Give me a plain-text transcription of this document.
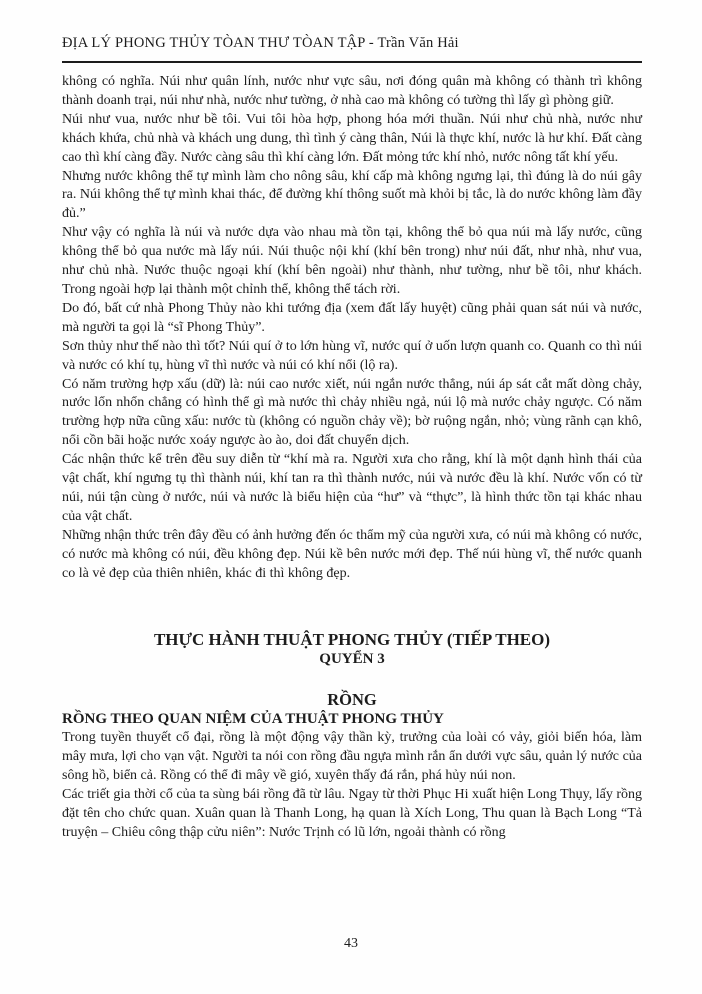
ĐỊA LÝ PHONG THỦY TÒAN THƯ TÒAN TẬP - Trần Văn Hải

không có nghĩa. Núi như quân lính, nước như vực sâu, nơi đóng quân mà không có thành trì không thành doanh trại, núi như nhà, nước như tường, ở nhà cao mà không có tường thì lấy gì phòng giữ.

Núi như vua, nước như bề tôi. Vui tôi hòa hợp, phong hóa mới thuần. Núi như chủ nhà, nước như khách khứa, chủ nhà và khách ung dung, thì tình ý càng thân, Núi là thực khí, nước là hư khí. Đất càng cao thì khí càng đầy. Nước càng sâu thì khí càng lớn. Đất mỏng tức khí nhỏ, nước nông tất khí yếu.

Nhưng nước không thể tự mình làm cho nông sâu, khí cấp mà không ngưng lại, thì đúng là do núi gây ra. Núi không thể tự mình khai thác, để đường khí thông suốt mà khỏi bị tắc, là do nước không làm đầy đủ.”

Như vậy có nghĩa là núi và nước dựa vào nhau mà tồn tại, không thể bỏ qua núi mà lấy nước, cũng không thể bỏ qua nước mà lấy núi. Núi thuộc nội khí (khí bên trong) như núi đất, như nhà, như vua, như chủ nhà. Nước thuộc ngoại khí (khí bên ngoài) như thành, như tường, như bề tôi, như khách. Trong ngoài hợp lại thành một chỉnh thể, không thể tách rời.

Do đó, bất cứ nhà Phong Thủy nào khi tướng địa (xem đất lấy huyệt) cũng phải quan sát núi và nước, mà người ta gọi là “sĩ Phong Thủy”.

Sơn thủy như thế nào thì tốt? Núi quí ở to lớn hùng vĩ, nước quí ở uốn lượn quanh co. Quanh co thì núi và nước có khí tụ, hùng vĩ thì nước và núi có khí nổi (lộ ra).

Có năm trường hợp xấu (dữ) là: núi cao nước xiết, núi ngắn nước thẳng, núi áp sát cắt mất dòng chảy, nước lổn nhổn chẳng có hình thể gì mà nước thì chảy nhiều ngả, núi lộ mà nước chảy ngược. Có năm trường hợp nữa cũng xấu: nước tù (không có nguồn chảy về); bờ ruộng ngắn, nhỏ; vùng rãnh cạn khô, nổi cồn bãi hoặc nước xoáy ngược ào ào, doi đất chuyển dịch.

Các nhận thức kể trên đều suy diễn từ “khí mà ra. Người xưa cho rằng, khí là một dạnh hình thái của vật chất, khí ngưng tụ thì thành núi, khí tan ra thì thành nước, núi và nước đều là khí. Nước vốn có từ núi, núi tận cùng ở nước, núi và nước là biểu hiện của “hư” và “thực”, là hình thức tồn tại khác nhau của vật chất.

Những nhận thức trên đây đều có ảnh hưởng đến óc thẩm mỹ của người xưa, có núi mà không có nước, có nước mà không có núi, đều không đẹp. Núi kề bên nước mới đẹp. Thế núi hùng vĩ, thế nước quanh co là vẻ đẹp của thiên nhiên, khác đi thì không đẹp.

THỰC HÀNH THUẬT PHONG THỦY (TIẾP THEO)
QUYỂN 3
RỒNG
RỒNG THEO QUAN NIỆM CỦA THUẬT PHONG THỦY

Trong tuyền thuyết cổ đại, rồng là một động vậy thần kỳ, trưởng của loài có vảy, giỏi biến hóa, làm mây mưa, lợi cho vạn vật. Người ta nói con rồng đầu ngựa mình rắn ẩn dưới vực sâu, quản lý nước của sông hồ, biển cả. Rồng có thể đi mây về gió, xuyên thấy đá rắn, phá hủy núi non.

Các triết gia thời cổ của ta sùng bái rồng đã từ lâu. Ngay từ thời Phục Hi xuất hiện Long Thụy, lấy rồng đặt tên cho chức quan. Xuân quan là Thanh Long, hạ quan là Xích Long, Thu quan là Bạch Long “Tả truyện – Chiêu công thập cửu niên”: Nước Trịnh có lũ lớn, ngoải thành có rồng

43
